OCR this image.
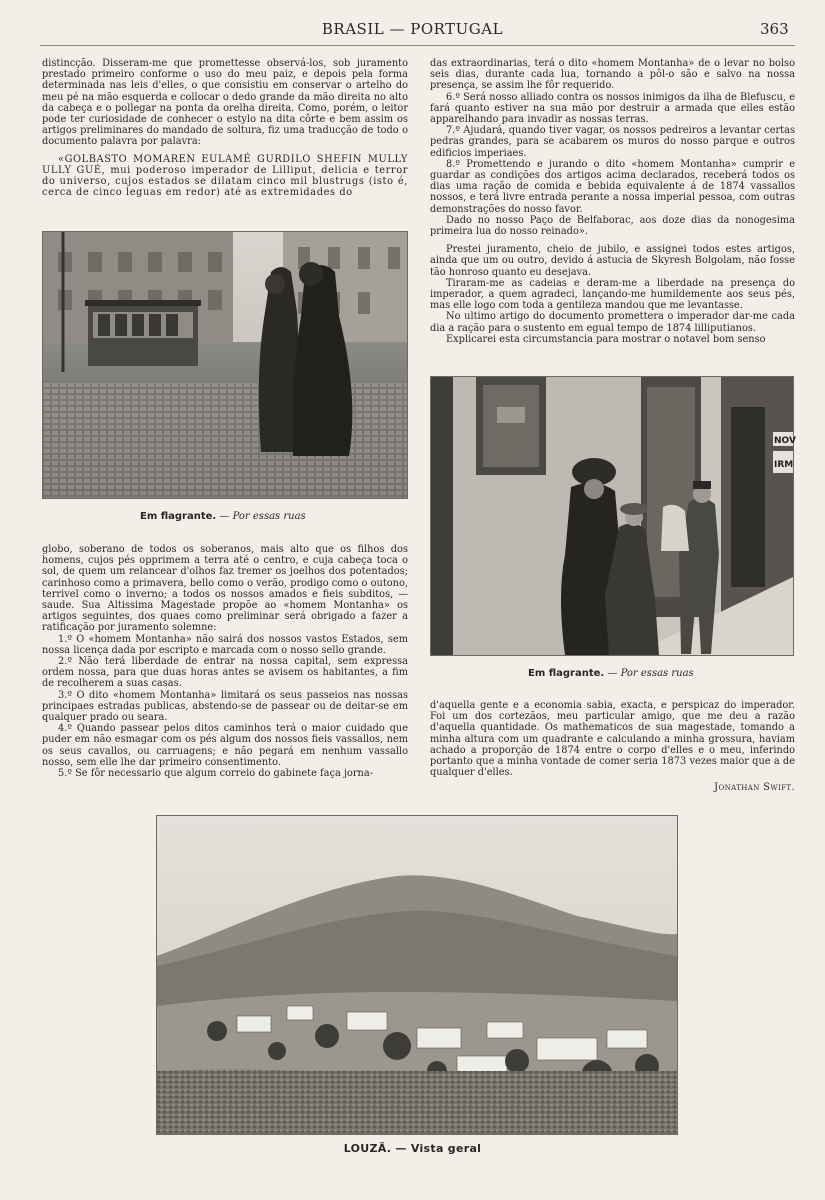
BRASIL — PORTUGAL	363

distincção. Disseram-me que promettesse observá-los, sob juramento prestado primeiro conforme o uso do meu paiz, e depois pela forma determinada nas leis d'elles, o que consistiu em conservar o artelho do meu pé na mão esquerda e collocar o dedo grande da mão direita no alto da cabeça e o pollegar na ponta da orelha direita. Como, porém, o leitor pode ter curiosidade de conhecer o estylo na dita côrte e bem assim os artigos preliminares do mandado de soltura, fiz uma traducção de todo o documento palavra por palavra:

«GOLBASTO MOMAREN EULAMÉ GURDILO SHEFIN MULLY ULLY GUÉ, mui poderoso imperador de Lilliput, delicia e terror do universo, cujos estados se dilatam cinco mil blustrugs (isto é, cerca de cinco leguas em redor) até as extremidades do

Em flagrante. — Por essas ruas

globo, soberano de todos os soberanos, mais alto que os filhos dos homens, cujos pés opprimem a terra até o centro, e cuja cabeça toca o sol, de quem um relancear d'olhos faz tremer os joelhos dos potentados; carinhoso como a primavera, bello como o verão, prodigo como o outono, terrivel como o inverno; a todos os nossos amados e fieis subditos, — saude. Sua Altissima Magestade propõe ao «homem Montanha» os artigos seguintes, dos quaes como preliminar será obrigado a fazer a ratificação por juramento solemne:

1.º O «homem Montanha» não sairá dos nossos vastos Estados, sem nossa licença dada por escripto e marcada com o nosso sello grande.

2.º Não terá liberdade de entrar na nossa capital, sem expressa ordem nossa, para que duas horas antes se avisem os habitantes, a fim de recolherem a suas casas.

3.º O dito «homem Montanha» limitará os seus passeios nas nossas principaes estradas publicas, abstendo-se de passear ou de deitar-se em qualquer prado ou seara.

4.º Quando passear pelos ditos caminhos terá o maior cuidado que puder em não esmagar com os pés algum dos nossos fieis vassallos, nem os seus cavallos, ou carruagens; e não pegará em nenhum vassallo nosso, sem elle lhe dar primeiro consentimento.

5.º Se fôr necessario que algum correio do gabinete faça jorna-

das extraordinarias, terá o dito «homem Montanha» de o levar no bolso seis dias, durante cada lua, tornando a pôl-o são e salvo na nossa presença, se assim lhe fôr requerido.

6.º Será nosso alliado contra os nossos inimigos da ilha de Blefuscu, e fará quanto estiver na sua mão por destruir a armada que elles estão apparelhando para invadir as nossas terras.

7.º Ajudará, quando tiver vagar, os nossos pedreiros a levantar certas pedras grandes, para se acabarem os muros do nosso parque e outros edificios imperiaes.

8.º Promettendo e jurando o dito «homem Montanha» cumprir e guardar as condições dos artigos acima declarados, receberá todos os dias uma ração de comida e bebida equivalente á de 1874 vassallos nossos, e terá livre entrada perante a nossa imperial pessoa, com outras demonstrações do nosso favor.

Dado no nosso Paço de Belfaborac, aos doze dias da nonogesima primeira lua do nosso reinado».

Prestei juramento, cheio de jubilo, e assignei todos estes artigos, ainda que um ou outro, devido á astucia de Skyresh Bolgolam, não fosse tão honroso quanto eu desejava.

Tiraram-me as cadeias e deram-me a liberdade na presença do imperador, a quem agradeci, lançando-me humildemente aos seus pés, mas elle logo com toda a gentileza mandou que me levantasse.

No ultimo artigo do documento promettera o imperador dar-me cada dia a ração para o sustento em egual tempo de 1874 lilliputianos.

Explicarei esta circumstancia para mostrar o notavel bom senso

NOV
IRM
Em flagrante. — Por essas ruas

d'aquella gente e a economia sabia, exacta, e perspicaz do imperador. Foi um dos cortezãos, meu particular amigo, que me deu a razão d'aquella quantidade. Os mathematicos de sua magestade, tomando a minha altura com um quadrante e calculando a minha grossura, haviam achado a proporção de 1874 entre o corpo d'elles e o meu, inferindo portanto que a minha vontade de comer seria 1873 vezes maior que a de qualquer d'elles.

Jonathan Swift.

LOUZÃ. — Vista geral
